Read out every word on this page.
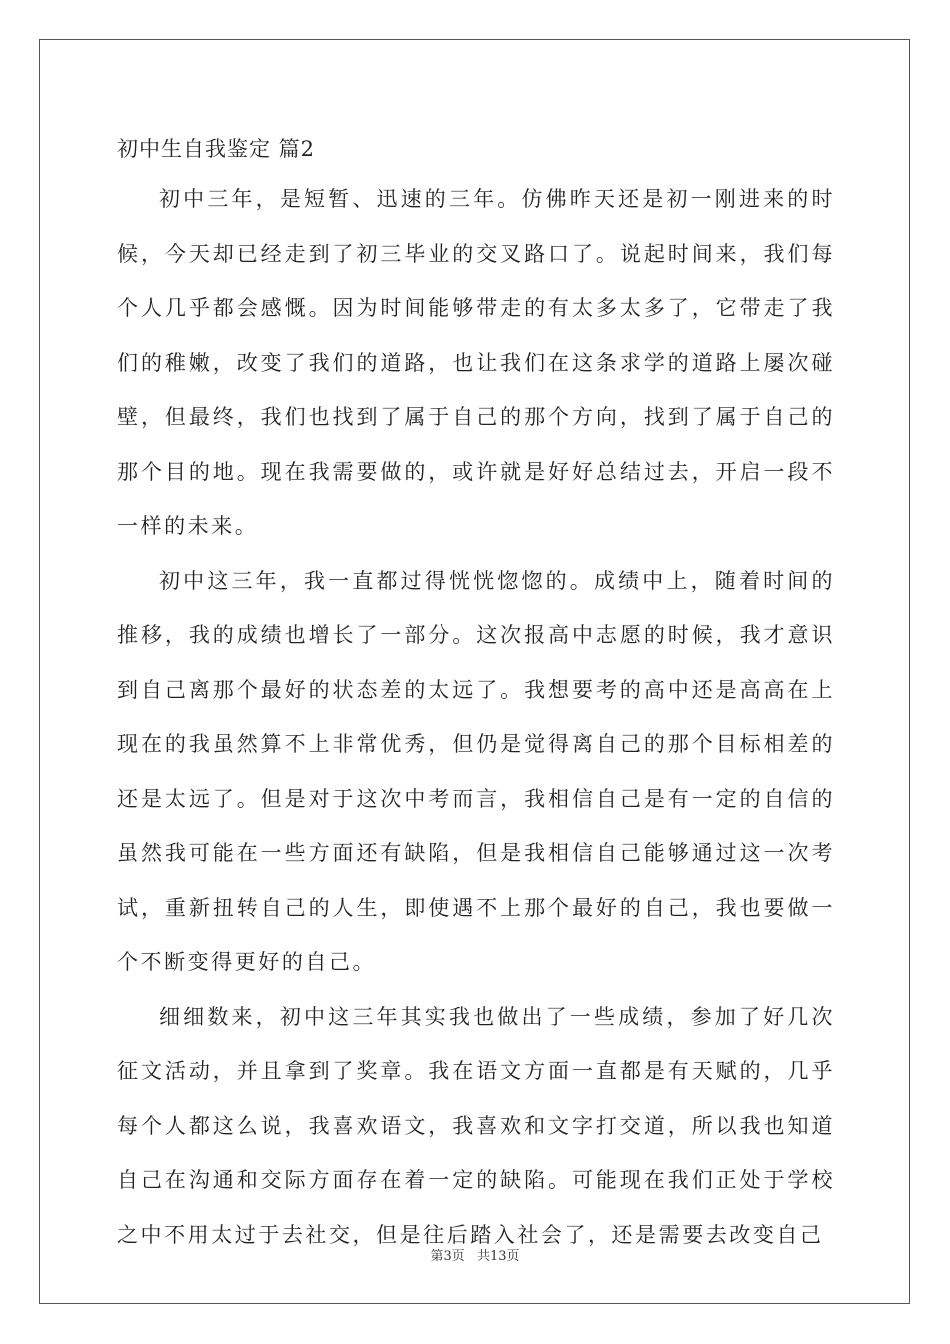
初中生自我鉴定 篇2

初中三年，是短暂、迅速的三年。仿佛昨天还是初一刚进来的时候，今天却已经走到了初三毕业的交叉路口了。说起时间来，我们每个人几乎都会感慨。因为时间能够带走的有太多太多了，它带走了我们的稚嫩，改变了我们的道路，也让我们在这条求学的道路上屡次碰壁，但最终，我们也找到了属于自己的那个方向，找到了属于自己的那个目的地。现在我需要做的，或许就是好好总结过去，开启一段不一样的未来。

初中这三年，我一直都过得恍恍惚惚的。成绩中上，随着时间的推移，我的成绩也增长了一部分。这次报高中志愿的时候，我才意识到自己离那个最好的状态差的太远了。我想要考的高中还是高高在上现在的我虽然算不上非常优秀，但仍是觉得离自己的那个目标相差的还是太远了。但是对于这次中考而言，我相信自己是有一定的自信的虽然我可能在一些方面还有缺陷，但是我相信自己能够通过这一次考试，重新扭转自己的人生，即使遇不上那个最好的自己，我也要做一个不断变得更好的自己。

细细数来，初中这三年其实我也做出了一些成绩，参加了好几次征文活动，并且拿到了奖章。我在语文方面一直都是有天赋的，几乎每个人都这么说，我喜欢语文，我喜欢和文字打交道，所以我也知道自己在沟通和交际方面存在着一定的缺陷。可能现在我们正处于学校之中不用太过于去社交，但是往后踏入社会了，还是需要去改变自己

第3页 共13页
